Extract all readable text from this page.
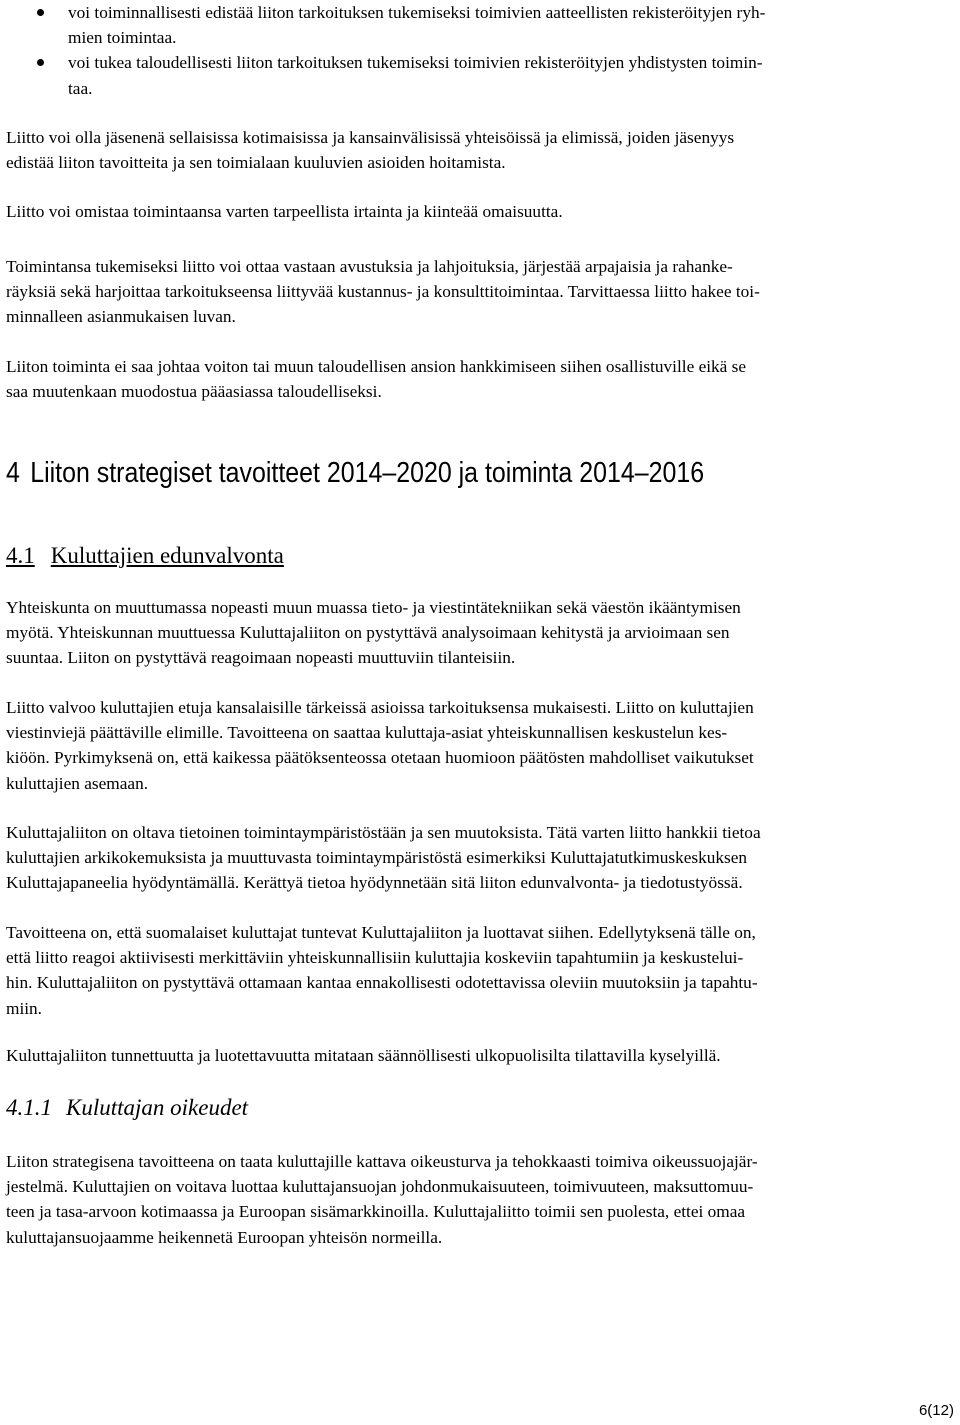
voi toiminnallisesti edistää liiton tarkoituksen tukemiseksi toimivien aatteellisten rekisteröityjen ryh-
mien toimintaa.
voi tukea taloudellisesti liiton tarkoituksen tukemiseksi toimivien rekisteröityjen yhdistysten toimin-
taa.
Liitto voi olla jäsenenä sellaisissa kotimaisissa ja kansainvälisissä yhteisöissä ja elimissä, joiden jäsenyys
edistää liiton tavoitteita ja sen toimialaan kuuluvien asioiden hoitamista.
Liitto voi omistaa toimintaansa varten tarpeellista irtainta ja kiinteää omaisuutta.
Toimintansa tukemiseksi liitto voi ottaa vastaan avustuksia ja lahjoituksia, järjestää arpajaisia ja rahanke-
räyksiä sekä harjoittaa tarkoitukseensa liittyvää kustannus- ja konsulttitoimintaa. Tarvittaessa liitto hakee toi-
minnalleen asianmukaisen luvan.
Liiton toiminta ei saa johtaa voiton tai muun taloudellisen ansion hankkimiseen siihen osallistuville eikä se
saa muutenkaan muodostua pääasiassa taloudelliseksi.
4 Liiton strategiset tavoitteet 2014–2020 ja toiminta 2014–2016
4.1 Kuluttajien edunvalvonta
Yhteiskunta on muuttumassa nopeasti muun muassa tieto- ja viestintätekniikan sekä väestön ikääntymisen
myötä. Yhteiskunnan muuttuessa Kuluttajaliiton on pystyttävä analysoimaan kehitystä ja arvioimaan sen
suuntaa. Liiton on pystyttävä reagoimaan nopeasti muuttuviin tilanteisiin.
Liitto valvoo kuluttajien etuja kansalaisille tärkeissä asioissa tarkoituksensa mukaisesti. Liitto on kuluttajien
viestinviejä päättäville elimille. Tavoitteena on saattaa kuluttaja-asiat yhteiskunnallisen keskustelun kes-
kiöön. Pyrkimyksenä on, että kaikessa päätöksenteossa otetaan huomioon päätösten mahdolliset vaikutukset
kuluttajien asemaan.
Kuluttajaliiton on oltava tietoinen toimintaympäristöstään ja sen muutoksista. Tätä varten liitto hankkii tietoa
kuluttajien arkikokemuksista ja muuttuvasta toimintaympäristöstä esimerkiksi Kuluttajatutkimuskeskuksen
Kuluttajapaneelia hyödyntämällä. Kerättyä tietoa hyödynnetään sitä liiton edunvalvonta- ja tiedotustyössä.
Tavoitteena on, että suomalaiset kuluttajat tuntevat Kuluttajaliiton ja luottavat siihen. Edellytyksenä tälle on,
että liitto reagoi aktiivisesti merkittäviin yhteiskunnallisiin kuluttajia koskeviin tapahtumiin ja keskustelui-
hin. Kuluttajaliiton on pystyttävä ottamaan kantaa ennakollisesti odotettavissa oleviin muutoksiin ja tapahtu-
miin.
Kuluttajaliiton tunnettuutta ja luotettavuutta mitataan säännöllisesti ulkopuolisilta tilattavilla kyselyillä.
4.1.1 Kuluttajan oikeudet
Liiton strategisena tavoitteena on taata kuluttajille kattava oikeusturva ja tehokkaasti toimiva oikeussuojajär-
jestelmä. Kuluttajien on voitava luottaa kuluttajansuojan johdonmukaisuuteen, toimivuuteen, maksuttomuu-
teen ja tasa-arvoon kotimaassa ja Euroopan sisämarkkinoilla. Kuluttajaliitto toimii sen puolesta, ettei omaa
kuluttajansuojaamme heikennetä Euroopan yhteisön normeilla.
6(12)
